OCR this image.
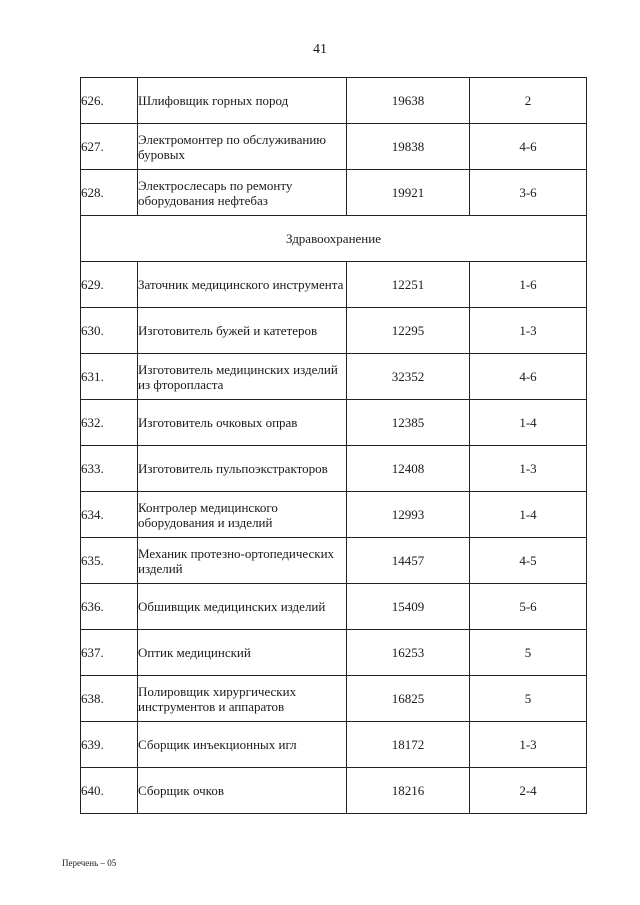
41
626.	Шлифовщик горных пород	19638	2
627.	Электромонтер по обслуживанию буровых	19838	4-6
628.	Электрослесарь по ремонту оборудования нефтебаз	19921	3-6
Здравоохранение			
629.	Заточник медицинского инструмента	12251	1-6
630.	Изготовитель бужей и катетеров	12295	1-3
631.	Изготовитель медицинских изделий из фторопласта	32352	4-6
632.	Изготовитель очковых оправ	12385	1-4
633.	Изготовитель пульпоэкстракторов	12408	1-3
634.	Контролер медицинского оборудования и изделий	12993	1-4
635.	Механик протезно-ортопедических изделий	14457	4-5
636.	Обшивщик медицинских изделий	15409	5-6
637.	Оптик медицинский	16253	5
638.	Полировщик хирургических инструментов и аппаратов	16825	5
639.	Сборщик инъекционных игл	18172	1-3
640.	Сборщик очков	18216	2-4
Перечень – 05
